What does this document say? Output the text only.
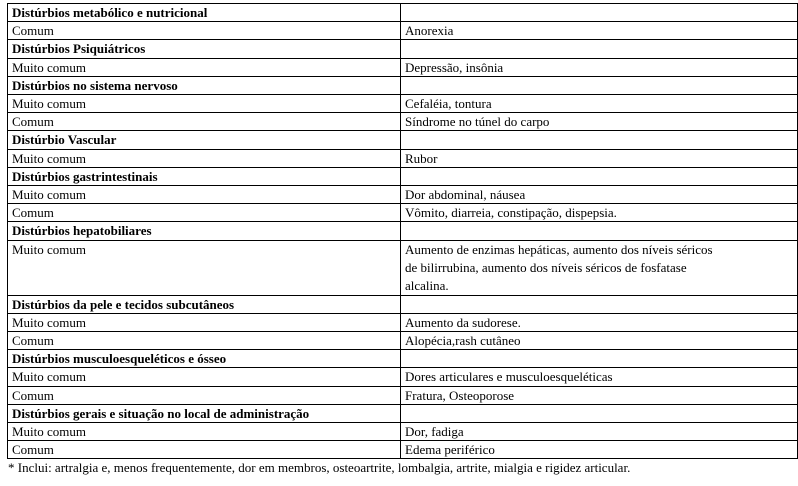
Distúrbios metabólico e nutricional	
Comum	Anorexia
Distúrbios Psiquiátricos	
Muito comum	Depressão, insônia
Distúrbios no sistema nervoso	
Muito comum	Cefaléia, tontura
Comum	Síndrome no túnel do carpo
Distúrbio Vascular	
Muito comum	Rubor
Distúrbios gastrintestinais	
Muito comum	Dor abdominal, náusea
Comum	Vômito, diarreia, constipação, dispepsia.
Distúrbios hepatobiliares	
Muito comum	Aumento de enzimas hepáticas, aumento dos níveis séricos
de bilirrubina, aumento dos níveis séricos de fosfatase
alcalina.

Distúrbios da pele e tecidos subcutâneos	
Muito comum	Aumento da sudorese.
Comum	Alopécia,rash cutâneo
Distúrbios musculoesqueléticos e ósseo	
Muito comum	Dores articulares e musculoesqueléticas
Comum	Fratura, Osteoporose
Distúrbios gerais e situação no local de administração	
Muito comum	Dor, fadiga
Comum	Edema periférico
* Inclui: artralgia e, menos frequentemente, dor em membros, osteoartrite, lombalgia, artrite, mialgia e rigidez articular.
